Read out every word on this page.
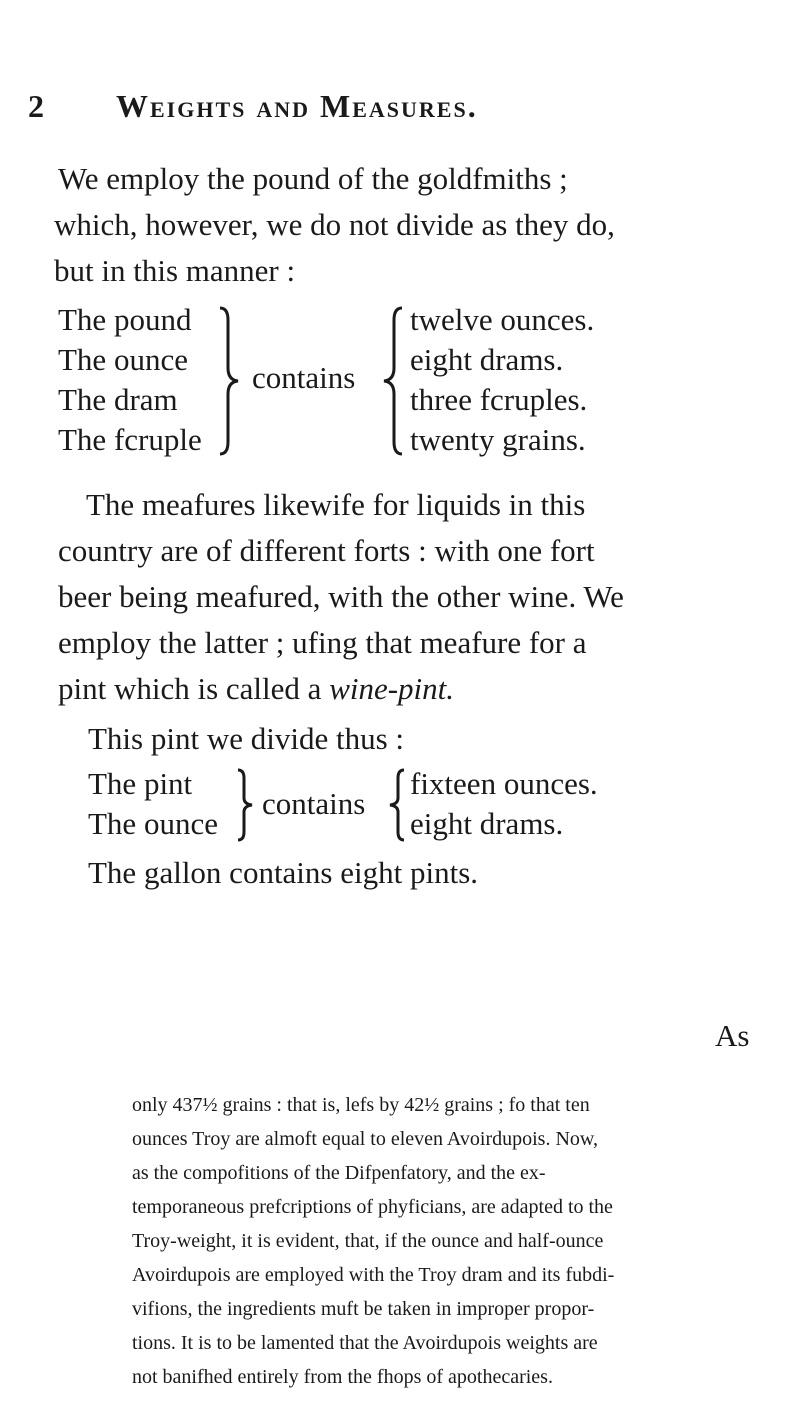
2 Weights and Measures.
We employ the pound of the goldfmiths ;
which, however, we do not divide as they do,
but in this manner :
The pound
The ounce
The dram
The fcruple
contains
twelve ounces.
eight drams.
three fcruples.
twenty grains.
The meafures likewife for liquids in this
country are of different forts : with one fort
beer being meafured, with the other wine. We
employ the latter ; ufing that meafure for a
pint which is called a wine-pint.
This pint we divide thus :
The pint
The ounce
contains
fixteen ounces.
eight drams.
The gallon contains eight pints.
As
only 437½ grains : that is, lefs by 42½ grains ; fo that ten
ounces Troy are almoft equal to eleven Avoirdupois. Now,
as the compofitions of the Difpenfatory, and the ex-
temporaneous prefcriptions of phyficians, are adapted to the
Troy-weight, it is evident, that, if the ounce and half-ounce
Avoirdupois are employed with the Troy dram and its fubdi-
vifions, the ingredients muft be taken in improper propor-
tions. It is to be lamented that the Avoirdupois weights are
not banifhed entirely from the fhops of apothecaries.
